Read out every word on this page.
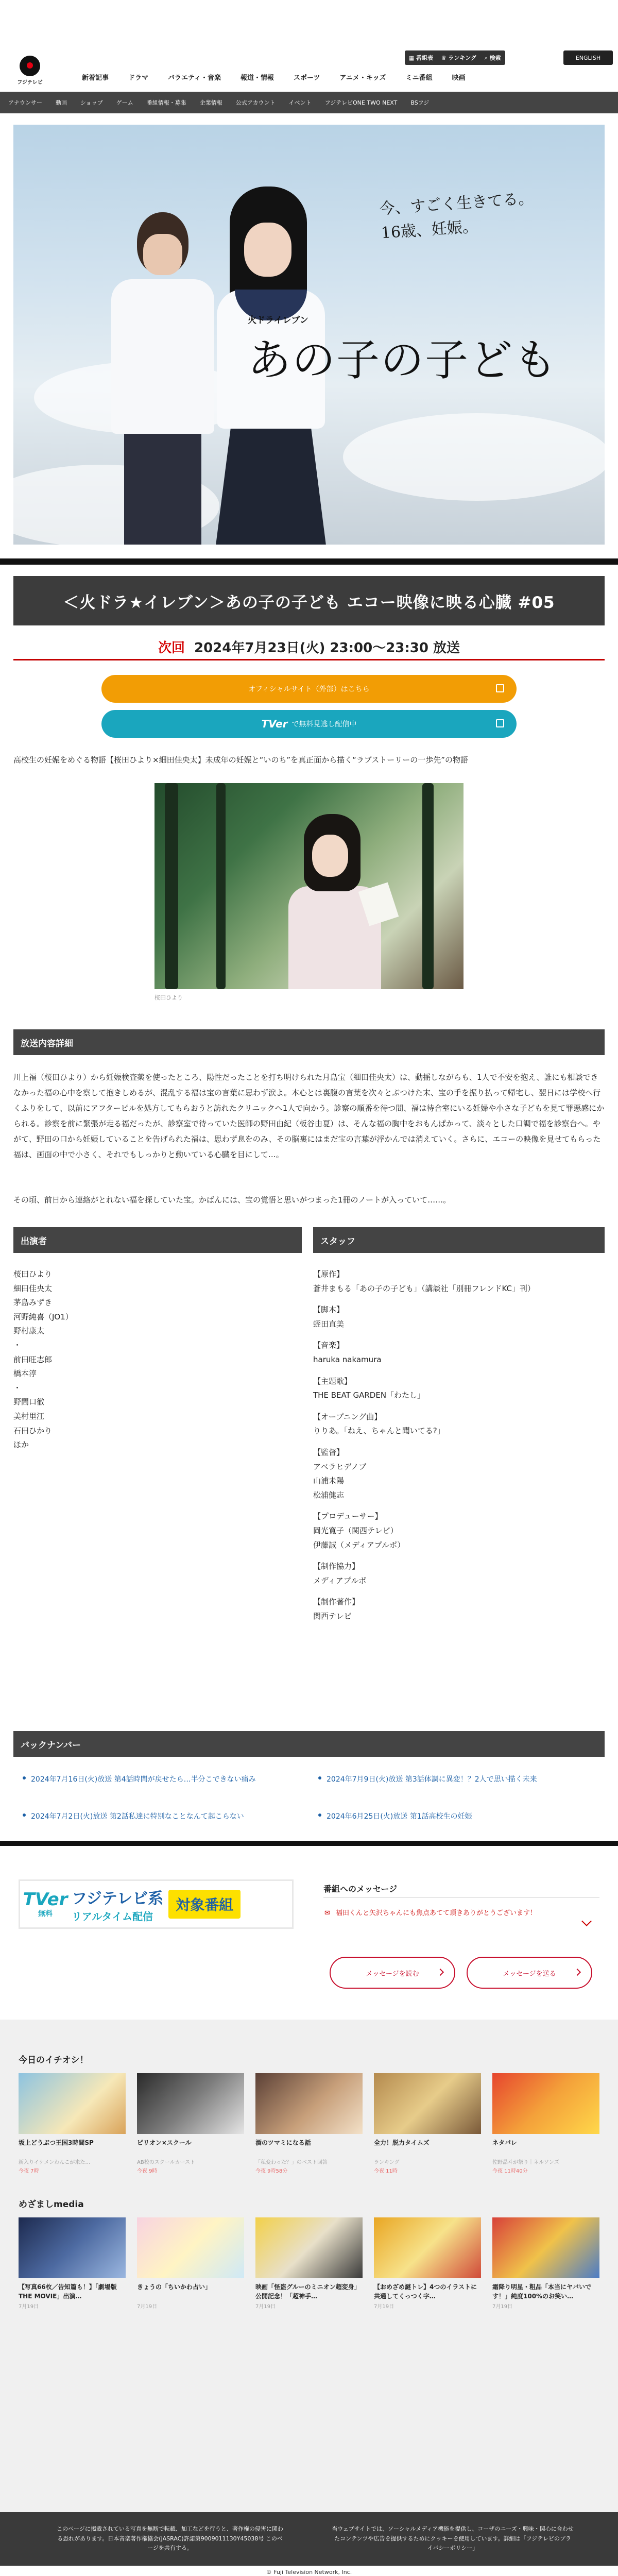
フジテレビ
▦ 番組表 ♛ ランキング ⌕ 検索	ENGLISH
新着記事	ドラマ	バラエティ・音楽	報道・情報	スポーツ	アニメ・キッズ	ミニ番組	映画
アナウンサー	動画	ショップ	ゲーム	番組情報・募集	企業情報	公式アカウント	イベント	フジテレビONE TWO NEXT	BSフジ
今、すごく生きてる。16歳、妊娠。
火ドライレブン
あの子の子ども
＜火ドラ★イレブン＞あの子の子ども エコー映像に映る心臓 #05
次回 2024年7月23日(火) 23:00〜23:30 放送
オフィシャルサイト（外部）はこちら
TVer で無料見逃し配信中

高校生の妊娠をめぐる物語【桜田ひより×細田佳央太】未成年の妊娠と“いのち”を真正面から描く“ラブストーリーの一歩先”の物語

桜田ひより
放送内容詳細

川上福（桜田ひより）から妊娠検査薬を使ったところ、陽性だったことを打ち明けられた月島宝（細田佳央太）は、動揺しながらも、1人で不安を抱え、誰にも相談できなかった福の心中を察して抱きしめるが、混乱する福は宝の言葉に思わず涙よ。本心とは裏腹の言葉を次々とぶつけた末、宝の手を振り払って帰宅し、翌日には学校へ行くふりをして、以前にアフターピルを処方してもらおうと訪れたクリニックへ1人で向かう。診察の順番を待つ間、福は待合室にいる妊婦や小さな子どもを見て罪悪感にかられる。診察を前に緊張が走る福だったが、診察室で待っていた医師の野田由紀（板谷由夏）は、そんな福の胸中をおもんぱかって、淡々とした口調で福を診察台へ。やがて、野田の口から妊娠していることを告げられた福は、思わず息をのみ、その脳裏にはまだ宝の言葉が浮かんでは消えていく。さらに、エコーの映像を見せてもらった福は、画面の中で小さく、それでもしっかりと動いている心臓を目にして…。

その頃、前日から連絡がとれない福を探していた宝。かばんには、宝の覚悟と思いがつまった1冊のノートが入っていて……。

出演者	スタッフ
桜田ひより
細田佳央太
茅島みずき
河野純喜（JO1）
野村康太
・
前田旺志郎
橋本淳
・
野間口徹
美村里江
石田ひかり
ほか
【原作】
蒼井まもる「あの子の子ども」（講談社「別冊フレンドKC」刊）
【脚本】
蛭田直美
【音楽】
haruka nakamura
【主題歌】
THE BEAT GARDEN「わたし」
【オープニング曲】
りりあ。「ねえ、ちゃんと聞いてる?」
【監督】
アベラヒデノブ
山浦未陽
松浦健志
【プロデューサー】
岡光寛子（関西テレビ）
伊藤誠（メディアプルポ）
【制作協力】
メディアプルポ
【制作著作】
関西テレビ
バックナンバー
2024年7月16日(火)放送 第4話時間が戻せたら…半分こできない痛み	2024年7月9日(火)放送 第3話体調に異変！？2人で思い描く未来
2024年7月2日(火)放送 第2話私達に特別なことなんて起こらない	2024年6月25日(火)放送 第1話高校生の妊娠
TVer
無料
フジテレビ系
リアルタイム配信
対象番組
番組へのメッセージ
✉ 福田くんと矢沢ちゃんにも焦点あてて頂きありがとうございます！
メッセージを読む	メッセージを送る
今日のイチオシ！
坂上どうぶつ王国3時間SP
新入りイケメンわんこが来た…
今夜 7時
ピリオン×スクール
AB校のスクールカースト
今夜 9時
酒のツマミになる話
「私変わった？」のベスト回答
今夜 9時58分
全力！脱力タイムズ
ランキング
今夜 11時
ネタパレ
佐野晶斗が祭り｜ネルソンズ
今夜 11時40分
めざましmedia
【写真66枚／告知篇も！】「劇場版 THE MOVIE」出演…
7月19日
きょうの「ちいかわ占い」
7月19日
映画「怪盗グルーのミニオン超変身」公開記念！「超神手…
7月19日
【おめざめ謎トレ】4つのイラストに共通してくっつく字…
7月19日
霜降り明星・粗品「本当にヤバいです！」純度100%のお笑い…
7月19日
このページに掲載されている写真を無断で転載、加工などを行うと、著作権の侵害に関わる恐れがあります。日本音楽著作権協会(JASRAC)許諾第9009011130Y45038号 このページを共有する。
当ウェブサイトでは、ソーシャルメディア機能を提供し、コーザのニーズ・興味・関心に合わせたコンテンツや広告を提供するためにクッキーを使用しています。詳細は「フジテレビのプライバシーポリシー」
© Fuji Television Network, Inc.
